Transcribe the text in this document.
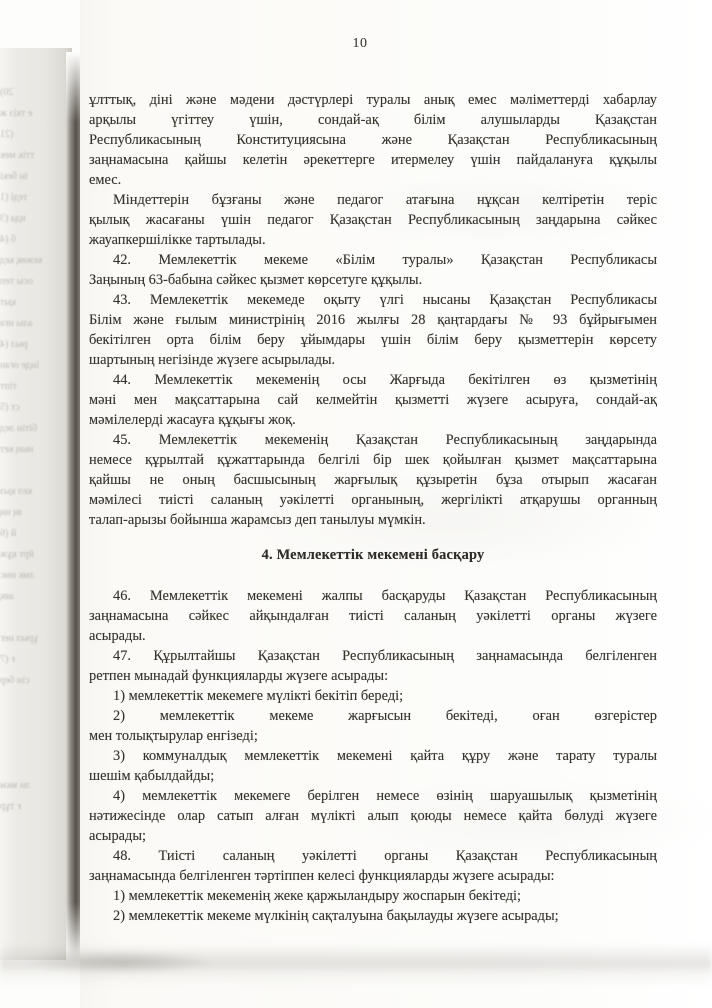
20)
е ткіз ж
(21
ттік мек
ін бекі
теді (1
нда (3
б (4
кежөқ кед
осы теп
қыт
алы нға
рыл (4
інде оған
тіпт
ст (5
бітін лед
ның кет

кел қыз
зң нң
й (6
йрт құж
лмк нмс
аяқ

ұрыл нег
ғ (7
сін бер

лн мкм
ғ тұр

10
ұлттық, діні және мәдени дәстүрлері туралы анық емес мәліметтерді хабарлау
арқылы үгіттеу үшін, сондай-ақ білім алушыларды Қазақстан
Республикасының Конституциясына және Қазақстан Республикасының
заңнамасына қайшы келетін әрекеттерге итермелеу үшін пайдалануға құқылы
емес.
Міндеттерін бұзғаны және педагог атағына нұқсан келтіретін теріс
қылық жасағаны үшін педагог Қазақстан Республикасының заңдарына сәйкес
жауапкершілікке тартылады.
42. Мемлекеттік мекеме «Білім туралы» Қазақстан Республикасы
Заңының 63-бабына сәйкес қызмет көрсетуге құқылы.
43. Мемлекеттік мекемеде оқыту үлгі нысаны Қазақстан Республикасы
Білім және ғылым министрінің 2016 жылғы 28 қаңтардағы № 93 бұйрығымен
бекітілген орта білім беру ұйымдары үшін білім беру қызметтерін көрсету
шартының негізінде жүзеге асырылады.
44. Мемлекеттік мекеменің осы Жарғыда бекітілген өз қызметінің
мәні мен мақсаттарына сай келмейтін қызметті жүзеге асыруға, сондай-ақ
мәмілелерді жасауға құқығы жоқ.
45. Мемлекеттік мекеменің Қазақстан Республикасының заңдарында
немесе құрылтай құжаттарында белгілі бір шек қойылған қызмет мақсаттарына
қайшы не оның басшысының жарғылық құзыретін бұза отырып жасаған
мәмілесі тиісті саланың уәкілетті органының, жергілікті атқарушы органның
талап-арызы бойынша жарамсыз деп танылуы мүмкін.
4. Мемлекеттік мекемені басқару
46. Мемлекеттік мекемені жалпы басқаруды Қазақстан Республикасының
заңнамасына сәйкес айқындалған тиісті саланың уәкілетті органы жүзеге
асырады.
47. Құрылтайшы Қазақстан Республикасының заңнамасында белгіленген
ретпен мынадай функцияларды жүзеге асырады:
1) мемлекеттік мекемеге мүлікті бекітіп береді;
2) мемлекеттік мекеме жарғысын бекітеді, оған өзгерістер
мен толықтырулар енгізеді;
3) коммуналдық мемлекеттік мекемені қайта құру және тарату туралы
шешім қабылдайды;
4) мемлекеттік мекемеге берілген немесе өзінің шаруашылық қызметінің
нәтижесінде олар сатып алған мүлікті алып қоюды немесе қайта бөлуді жүзеге
асырады;
48. Тиісті саланың уәкілетті органы Қазақстан Республикасының
заңнамасында белгіленген тәртіппен келесі функцияларды жүзеге асырады:
1) мемлекеттік мекеменің жеке қаржыландыру жоспарын бекітеді;
2) мемлекеттік мекеме мүлкінің сақталуына бақылауды жүзеге асырады;
